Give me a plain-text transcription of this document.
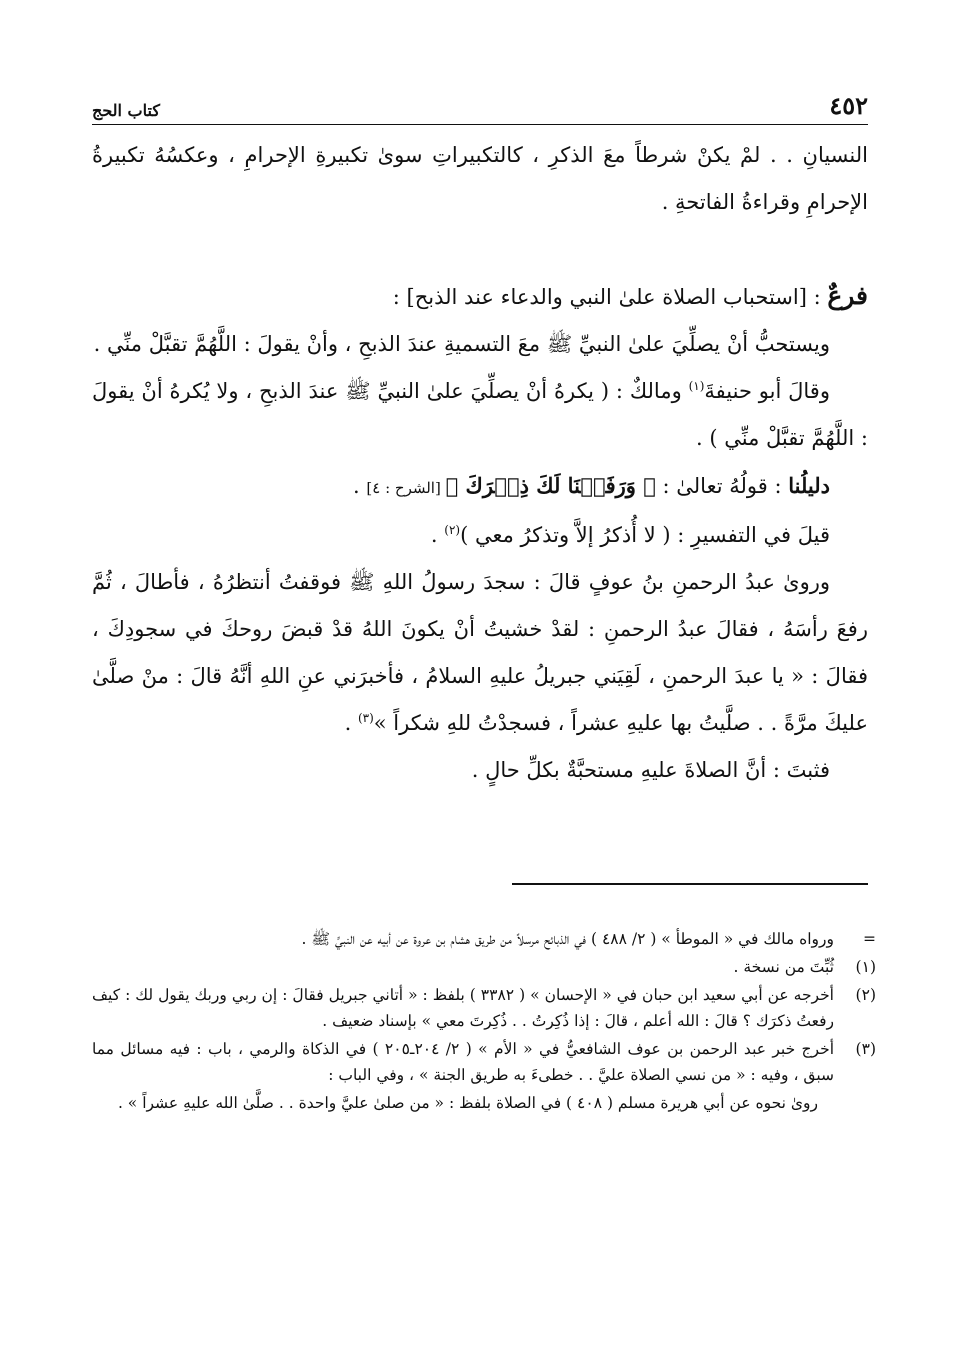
كتاب الحج	٤٥٢

النسيانِ . . لمْ يكنْ شرطاً معَ الذكرِ ، كالتكبيراتِ سوىٰ تكبيرةِ الإحرامِ ، وعكسُهُ تكبيرةُ الإحرامِ وقراءةُ الفاتحةِ .

فرعٌ : [استحباب الصلاة علىٰ النبي والدعاء عند الذبح] :

ويستحبُّ أنْ يصلِّيَ علىٰ النبيِّ ﷺ معَ التسميةِ عندَ الذبحِ ، وأنْ يقولَ : اللَّهُمَّ تقبَّلْ منِّي .

وقالَ أبو حنيفةَ$^{(١)}$ ومالكٌ : ( يكرهُ أنْ يصلِّيَ علىٰ النبيِّ ﷺ عندَ الذبحِ ، ولا يُكرهُ أنْ يقولَ : اللَّهُمَّ تقبَّلْ منِّي ) .

دليلُنا : قولُهُ تعالىٰ : ﴿ وَرَفَعۡنَا لَكَ ذِكۡرَكَ ﴾ [الشرح : ٤] .

قيلَ في التفسيرِ : ( لا أُذكرُ إلاَّ وتذكرُ معي )$^{(٢)}$ .

وروىٰ عبدُ الرحمنِ بنُ عوفٍ قالَ : سجدَ رسولُ اللهِ ﷺ فوقفتُ أنتظرُهُ ، فأطالَ ، ثُمَّ رفعَ رأسَهُ ، فقالَ عبدُ الرحمنِ : لقدْ خشيتُ أنْ يكونَ اللهُ قدْ قبضَ روحكَ في سجودِكَ ، فقالَ : « يا عبدَ الرحمنِ ، لَقِيَني جبريلُ عليهِ السلامُ ، فأخبرَني عنِ اللهِ أنَّهُ قالَ : منْ صلَّىٰ عليكَ مرَّةً . . صلَّيتُ بها عليهِ عشراً ، فسجدْتُ للهِ شكراً »$^{(٣)}$ .

فثبتَ : أنَّ الصلاةَ عليهِ مستحبَّةٌ بكلِّ حالٍ .

=
ورواه مالك في « الموطأ » ( ٢/ ٤٨٨ ) في الذبائح مرسلاً من طريق هشام بن عروة عن أبيه عن النبيِّ ﷺ .
(١)
ثُبِّتَ من نسخة .
(٢)
أخرجه عن أبي سعيد ابن حبان في « الإحسان » ( ٣٣٨٢ ) بلفظ : « أتاني جبريل فقالَ : إن ربي وربك يقول لك : كيف رفعتُ ذكرَك ؟ قالَ : الله أعلم ، قالَ : إذا ذُكِرتُ . . ذُكِرتَ معي » بإسناد ضعيف .
(٣)
أخرج خبر عبد الرحمن بن عوف الشافعيُّ في « الأم » ( ٢/ ٢٠٤ـ٢٠٥ ) في الذكاة والرمي ، باب : فيه مسائل مما سبق ، وفيه : « من نسي الصلاة عليَّ . . خطىءَ به طريق الجنة » ، وفي الباب :
روىٰ نحوه عن أبي هريرة مسلم ( ٤٠٨ ) في الصلاة بلفظ : « من صلىٰ عليَّ واحدة . . صلَّىٰ الله عليهِ عشراً » .
